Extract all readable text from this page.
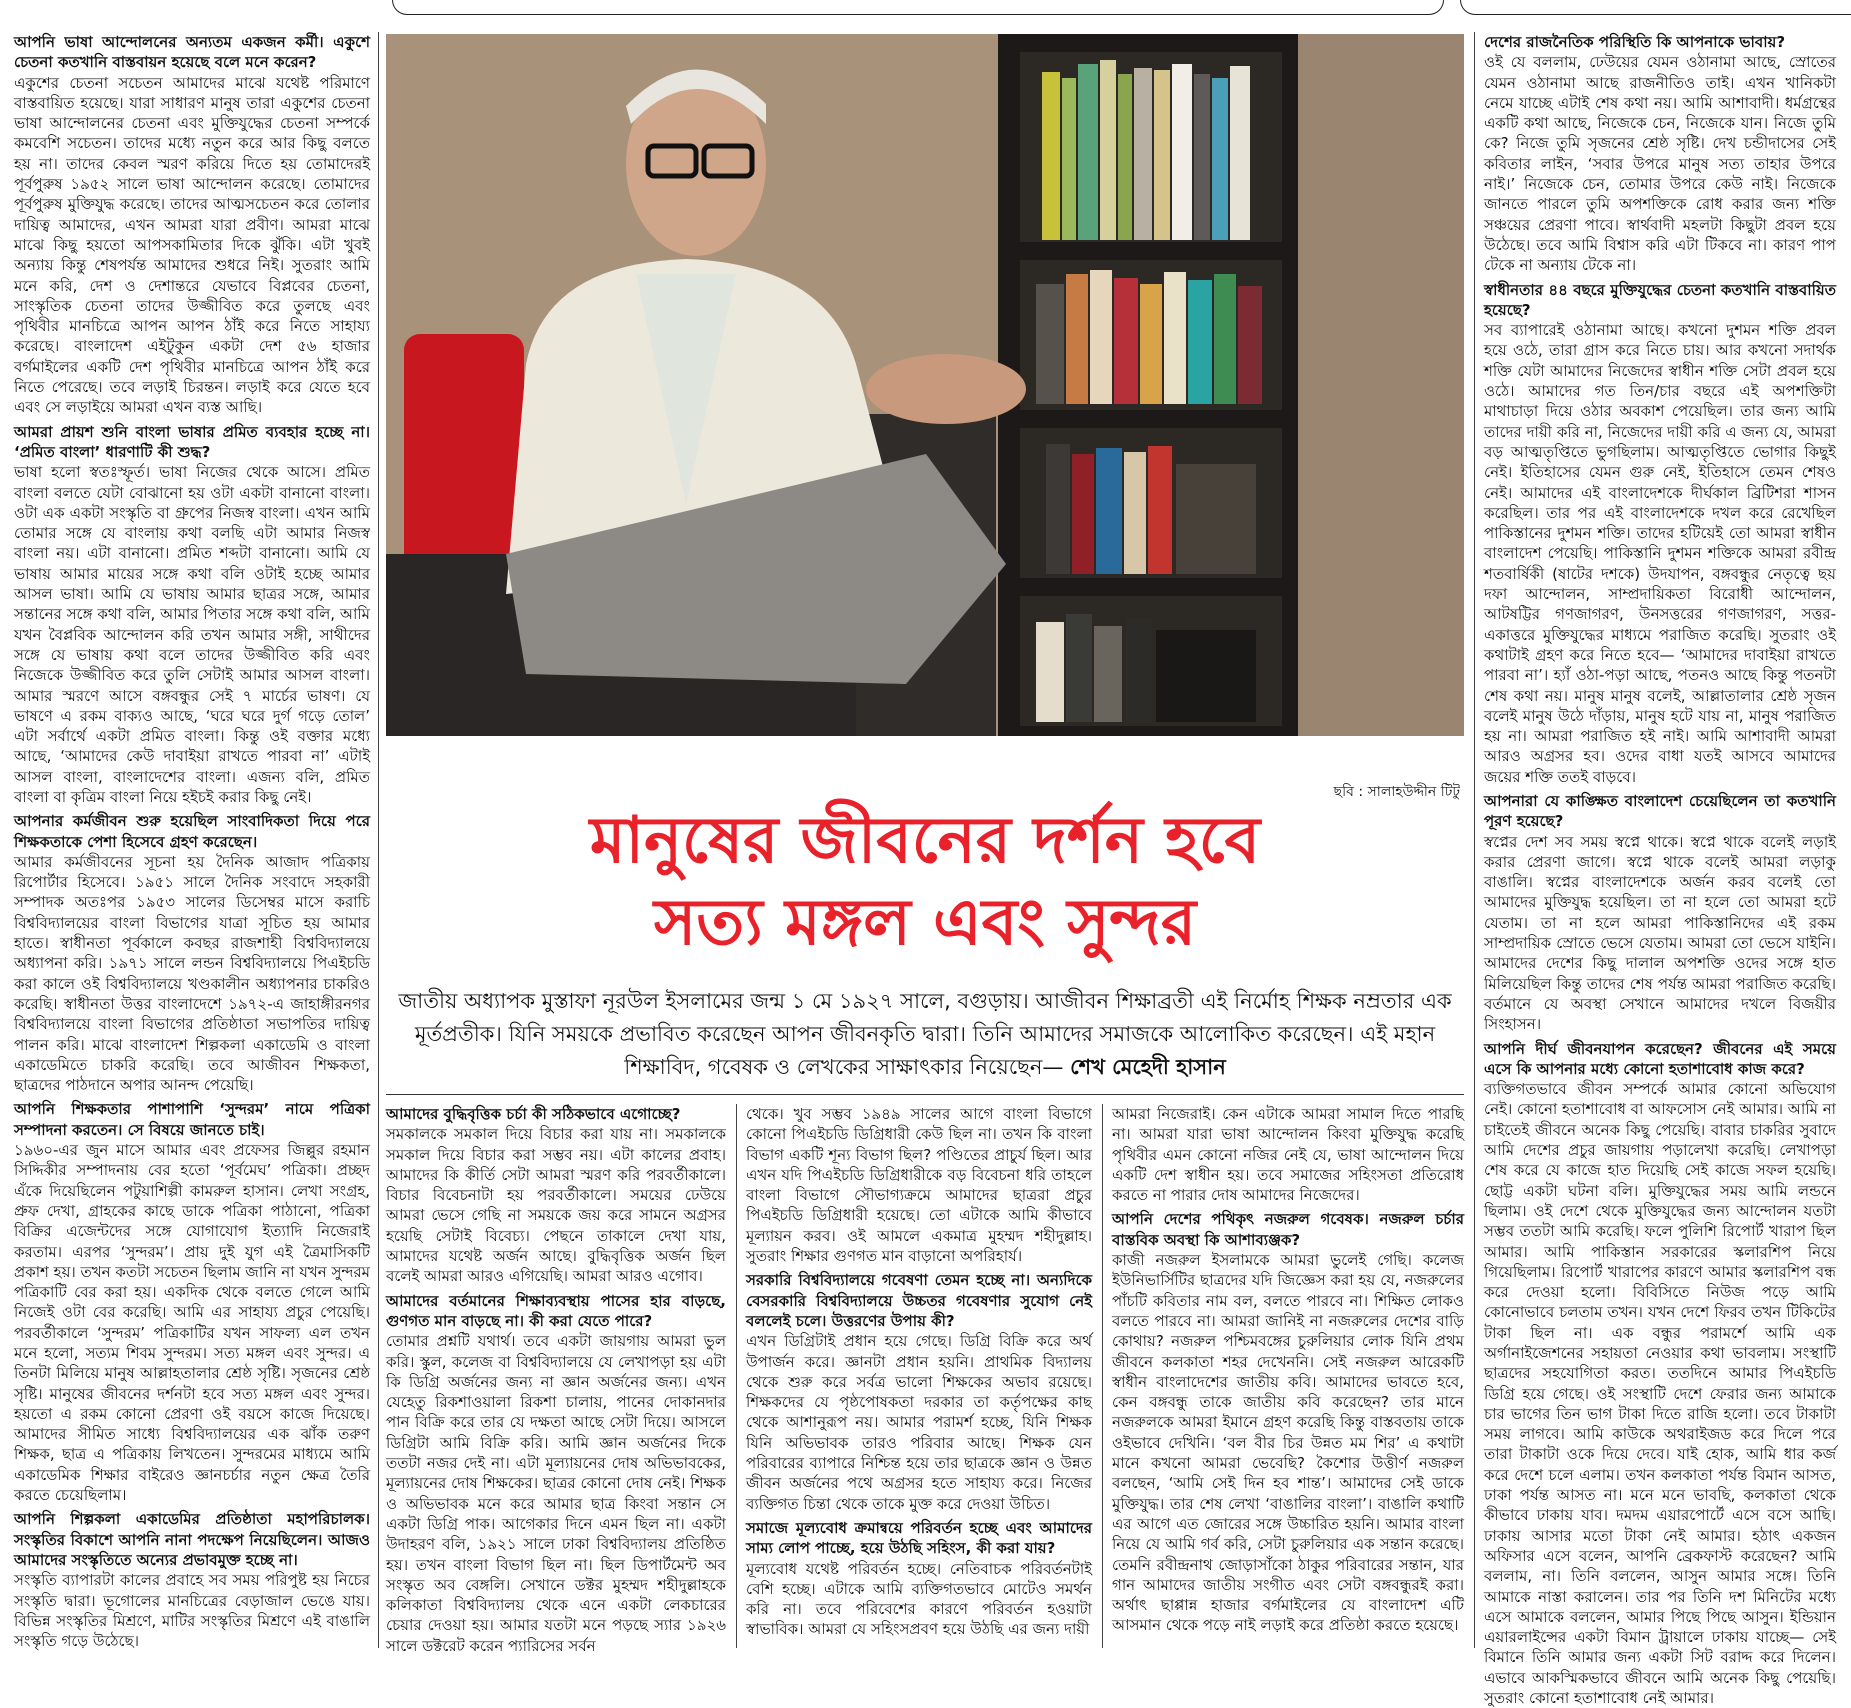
আপনি ভাষা আন্দোলনের অন্যতম একজন কর্মী। একুশে চেতনা কতখানি বাস্তবায়ন হয়েছে বলে মনে করেন?

একুশের চেতনা সচেতন আমাদের মাঝে যথেষ্ট পরিমাণে বাস্তবায়িত হয়েছে। যারা সাধারণ মানুষ তারা একুশের চেতনা ভাষা আন্দোলনের চেতনা এবং মুক্তিযুদ্ধের চেতনা সম্পর্কে কমবেশি সচেতন। তাদের মধ্যে নতুন করে আর কিছু বলতে হয় না। তাদের কেবল স্মরণ করিয়ে দিতে হয় তোমাদেরই পূর্বপুরুষ ১৯৫২ সালে ভাষা আন্দোলন করেছে। তোমাদের পূর্বপুরুষ মুক্তিযুদ্ধ করেছে। তাদের আত্মসচেতন করে তোলার দায়িত্ব আমাদের, এখন আমরা যারা প্রবীণ। আমরা মাঝে মাঝে কিছু হয়তো আপসকামিতার দিকে ঝুঁকি। এটা খুবই অন্যায় কিন্তু শেষপর্যন্ত আমাদের শুধরে নিই। সুতরাং আমি মনে করি, দেশ ও দেশান্তরে যেভাবে বিপ্লবের চেতনা, সাংস্কৃতিক চেতনা তাদের উজ্জীবিত করে তুলছে এবং পৃথিবীর মানচিত্রে আপন আপন ঠাঁই করে নিতে সাহায্য করেছে। বাংলাদেশ এইটুকুন একটা দেশ ৫৬ হাজার বর্গমাইলের একটি দেশ পৃথিবীর মানচিত্রে আপন ঠাঁই করে নিতে পেরেছে। তবে লড়াই চিরন্তন। লড়াই করে যেতে হবে এবং সে লড়াইয়ে আমরা এখন ব্যস্ত আছি।

আমরা প্রায়শ শুনি বাংলা ভাষার প্রমিত ব্যবহার হচ্ছে না। ‘প্রমিত বাংলা’ ধারণাটি কী শুদ্ধ?

ভাষা হলো স্বতঃস্ফূর্ত। ভাষা নিজের থেকে আসে। প্রমিত বাংলা বলতে যেটা বোঝানো হয় ওটা একটা বানানো বাংলা। ওটা এক একটা সংস্কৃতি বা গ্রুপের নিজস্ব বাংলা। এখন আমি তোমার সঙ্গে যে বাংলায় কথা বলছি এটা আমার নিজস্ব বাংলা নয়। এটা বানানো। প্রমিত শব্দটা বানানো। আমি যে ভাষায় আমার মায়ের সঙ্গে কথা বলি ওটাই হচ্ছে আমার আসল ভাষা। আমি যে ভাষায় আমার ছাত্রর সঙ্গে, আমার সন্তানের সঙ্গে কথা বলি, আমার পিতার সঙ্গে কথা বলি, আমি যখন বৈপ্লবিক আন্দোলন করি তখন আমার সঙ্গী, সাথীদের সঙ্গে যে ভাষায় কথা বলে তাদের উজ্জীবিত করি এবং নিজেকে উজ্জীবিত করে তুলি সেটাই আমার আসল বাংলা। আমার স্মরণে আসে বঙ্গবন্ধুর সেই ৭ মার্চের ভাষণ। যে ভাষণে এ রকম বাক্যও আছে, ‘ঘরে ঘরে দুর্গ গড়ে তোল’ এটা সর্বার্থে একটা প্রমিত বাংলা। কিন্তু ওই বক্তার মধ্যে আছে, ‘আমাদের কেউ দাবাইয়া রাখতে পারবা না’ এটাই আসল বাংলা, বাংলাদেশের বাংলা। এজন্য বলি, প্রমিত বাংলা বা কৃত্রিম বাংলা নিয়ে হইচই করার কিছু নেই।

আপনার কর্মজীবন শুরু হয়েছিল সাংবাদিকতা দিয়ে পরে শিক্ষকতাকে পেশা হিসেবে গ্রহণ করেছেন।

আমার কর্মজীবনের সূচনা হয় দৈনিক আজাদ পত্রিকায় রিপোর্টার হিসেবে। ১৯৫১ সালে দৈনিক সংবাদে সহকারী সম্পাদক অতঃপর ১৯৫৩ সালের ডিসেম্বর মাসে করাচি বিশ্ববিদ্যালয়ের বাংলা বিভাগের যাত্রা সূচিত হয় আমার হাতে। স্বাধীনতা পূর্বকালে কবছর রাজশাহী বিশ্ববিদ্যালয়ে অধ্যাপনা করি। ১৯৭১ সালে লন্ডন বিশ্ববিদ্যালয়ে পিএইচডি করা কালে ওই বিশ্ববিদ্যালয়ে খণ্ডকালীন অধ্যাপনার চাকরিও করেছি। স্বাধীনতা উত্তর বাংলাদেশে ১৯৭২-এ জাহাঙ্গীরনগর বিশ্ববিদ্যালয়ে বাংলা বিভাগের প্রতিষ্ঠাতা সভাপতির দায়িত্ব পালন করি। মাঝে বাংলাদেশ শিল্পকলা একাডেমি ও বাংলা একাডেমিতে চাকরি করেছি। তবে আজীবন শিক্ষকতা, ছাত্রদের পাঠদানে অপার আনন্দ পেয়েছি।

আপনি শিক্ষকতার পাশাপাশি ‘সুন্দরম’ নামে পত্রিকা সম্পাদনা করতেন। সে বিষয়ে জানতে চাই।

১৯৬০-এর জুন মাসে আমার এবং প্রফেসর জিল্লুর রহমান সিদ্দিকীর সম্পাদনায় বের হতো ‘পূর্বমেঘ’ পত্রিকা। প্রচ্ছদ এঁকে দিয়েছিলেন পটুয়াশিল্পী কামরুল হাসান। লেখা সংগ্রহ, প্রুফ দেখা, গ্রাহকের কাছে ডাকে পত্রিকা পাঠানো, পত্রিকা বিক্রির এজেন্টদের সঙ্গে যোগাযোগ ইত্যাদি নিজেরাই করতাম। এরপর ‘সুন্দরম’। প্রায় দুই যুগ এই ত্রৈমাসিকটি প্রকাশ হয়। তখন কতটা সচেতন ছিলাম জানি না যখন সুন্দরম পত্রিকাটি বের করা হয়। একদিক থেকে বলতে গেলে আমি নিজেই ওটা বের করেছি। আমি এর সাহায্য প্রচুর পেয়েছি। পরবর্তীকালে ‘সুন্দরম’ পত্রিকাটির যখন সাফল্য এল তখন মনে হলো, সত্যম শিবম সুন্দরম। সত্য মঙ্গল এবং সুন্দর। এ তিনটা মিলিয়ে মানুষ আল্লাহতালার শ্রেষ্ঠ সৃষ্টি। সৃজনের শ্রেষ্ঠ সৃষ্টি। মানুষের জীবনের দর্শনটা হবে সত্য মঙ্গল এবং সুন্দর। হয়তো এ রকম কোনো প্রেরণা ওই বয়সে কাজে দিয়েছে। আমাদের সীমিত সাধ্যে বিশ্ববিদ্যালয়ের এক ঝাঁক তরুণ শিক্ষক, ছাত্র এ পত্রিকায় লিখতেন। সুন্দরমের মাধ্যমে আমি একাডেমিক শিক্ষার বাইরেও জ্ঞানচর্চার নতুন ক্ষেত্র তৈরি করতে চেয়েছিলাম।

আপনি শিল্পকলা একাডেমির প্রতিষ্ঠাতা মহাপরিচালক। সংস্কৃতির বিকাশে আপনি নানা পদক্ষেপ নিয়েছিলেন। আজও আমাদের সংস্কৃতিতে অন্যের প্রভাবমুক্ত হচ্ছে না।

সংস্কৃতি ব্যাপারটা কালের প্রবাহে সব সময় পরিপুষ্ট হয় নিচের সংস্কৃতি দ্বারা। ভূগোলের মানচিত্রের বেড়াজাল ভেঙে যায়। বিভিন্ন সংস্কৃতির মিশ্রণে, মাটির সংস্কৃতির মিশ্রণে এই বাঙালি সংস্কৃতি গড়ে উঠেছে।

ছবি : সালাহউদ্দীন টিটু
মানুষের জীবনের দর্শন হবে
সত্য মঙ্গল এবং সুন্দর
জাতীয় অধ্যাপক মুস্তাফা নূরউল ইসলামের জন্ম ১ মে ১৯২৭ সালে, বগুড়ায়। আজীবন শিক্ষাব্রতী এই নির্মোহ শিক্ষক নম্রতার এক মূর্তপ্রতীক। যিনি সময়কে প্রভাবিত করেছেন আপন জীবনকৃতি দ্বারা। তিনি আমাদের সমাজকে আলোকিত করেছেন। এই মহান শিক্ষাবিদ, গবেষক ও লেখকের সাক্ষাৎকার নিয়েছেন— শেখ মেহেদী হাসান

আমাদের বুদ্ধিবৃত্তিক চর্চা কী সঠিকভাবে এগোচ্ছে?

সমকালকে সমকাল দিয়ে বিচার করা যায় না। সমকালকে সমকাল দিয়ে বিচার করা সম্ভব নয়। এটা কালের প্রবাহ। আমাদের কি কীর্তি সেটা আমরা স্মরণ করি পরবর্তীকালে। বিচার বিবেচনাটা হয় পরবর্তীকালে। সময়ের ঢেউয়ে আমরা ভেসে গেছি না সময়কে জয় করে সামনে অগ্রসর হয়েছি সেটাই বিবেচ্য। পেছনে তাকালে দেখা যায়, আমাদের যথেষ্ট অর্জন আছে। বুদ্ধিবৃত্তিক অর্জন ছিল বলেই আমরা আরও এগিয়েছি। আমরা আরও এগোব।

আমাদের বর্তমানের শিক্ষাব্যবস্থায় পাসের হার বাড়ছে, গুণগত মান বাড়ছে না। কী করা যেতে পারে?

তোমার প্রশ্নটি যথার্থ। তবে একটা জায়গায় আমরা ভুল করি। স্কুল, কলেজ বা বিশ্ববিদ্যালয়ে যে লেখাপড়া হয় এটা কি ডিগ্রি অর্জনের জন্য না জ্ঞান অর্জনের জন্য। এখন যেহেতু রিকশাওয়ালা রিকশা চালায়, পানের দোকানদার পান বিক্রি করে তার যে দক্ষতা আছে সেটা দিয়ে। আসলে ডিগ্রিটা আমি বিক্রি করি। আমি জ্ঞান অর্জনের দিকে ততটা নজর দেই না। এটা মূল্যায়নের দোষ অভিভাবকের, মূল্যায়নের দোষ শিক্ষকের। ছাত্রর কোনো দোষ নেই। শিক্ষক ও অভিভাবক মনে করে আমার ছাত্র কিংবা সন্তান সে একটা ডিগ্রি পাক। আগেকার দিনে এমন ছিল না। একটা উদাহরণ বলি, ১৯২১ সালে ঢাকা বিশ্ববিদ্যালয় প্রতিষ্ঠিত হয়। তখন বাংলা বিভাগ ছিল না। ছিল ডিপার্টমেন্ট অব সংস্কৃত অব বেঙ্গলি। সেখানে ডক্টর মুহম্মদ শহীদুল্লাহকে কলিকাতা বিশ্ববিদ্যালয় থেকে এনে একটা লেকচারের চেয়ার দেওয়া হয়। আমার যতটা মনে পড়ছে স্যার ১৯২৬ সালে ডক্টরেট করেন প্যারিসের সর্বন

থেকে। খুব সম্ভব ১৯৪৯ সালের আগে বাংলা বিভাগে কোনো পিএইচডি ডিগ্রিধারী কেউ ছিল না। তখন কি বাংলা বিভাগ একটি শূন্য বিভাগ ছিল? পণ্ডিতের প্রাচুর্য ছিল। আর এখন যদি পিএইচডি ডিগ্রিধারীকে বড় বিবেচনা ধরি তাহলে বাংলা বিভাগে সৌভাগ্যক্রমে আমাদের ছাত্ররা প্রচুর পিএইচডি ডিগ্রিধারী হয়েছে। তো এটাকে আমি কীভাবে মূল্যায়ন করব। ওই আমলে একমাত্র মুহম্মদ শহীদুল্লাহ। সুতরাং শিক্ষার গুণগত মান বাড়ানো অপরিহার্য।

সরকারি বিশ্ববিদ্যালয়ে গবেষণা তেমন হচ্ছে না। অন্যদিকে বেসরকারি বিশ্ববিদ্যালয়ে উচ্চতর গবেষণার সুযোগ নেই বললেই চলে। উত্তরণের উপায় কী?

এখন ডিগ্রিটাই প্রধান হয়ে গেছে। ডিগ্রি বিক্রি করে অর্থ উপার্জন করে। জ্ঞানটা প্রধান হয়নি। প্রাথমিক বিদ্যালয় থেকে শুরু করে সর্বত্র ভালো শিক্ষকের অভাব রয়েছে। শিক্ষকদের যে পৃষ্ঠপোষকতা দরকার তা কর্তৃপক্ষের কাছ থেকে আশানুরূপ নয়। আমার পরামর্শ হচ্ছে, যিনি শিক্ষক যিনি অভিভাবক তারও পরিবার আছে। শিক্ষক যেন পরিবারের ব্যাপারে নিশ্চিন্ত হয়ে তার ছাত্রকে জ্ঞান ও উন্নত জীবন অর্জনের পথে অগ্রসর হতে সাহায্য করে। নিজের ব্যক্তিগত চিন্তা থেকে তাকে মুক্ত করে দেওয়া উচিত।

সমাজে মূল্যবোধ ক্রমান্বয়ে পরিবর্তন হচ্ছে এবং আমাদের সাম্য লোপ পাচ্ছে, হয়ে উঠছি সহিংস, কী করা যায়?

মূল্যবোধ যথেষ্ট পরিবর্তন হচ্ছে। নেতিবাচক পরিবর্তনটাই বেশি হচ্ছে। এটাকে আমি ব্যক্তিগতভাবে মোটেও সমর্থন করি না। তবে পরিবেশের কারণে পরিবর্তন হওয়াটা স্বাভাবিক। আমরা যে সহিংসপ্রবণ হয়ে উঠছি এর জন্য দায়ী

আমরা নিজেরাই। কেন এটাকে আমরা সামাল দিতে পারছি না। আমরা যারা ভাষা আন্দোলন কিংবা মুক্তিযুদ্ধ করেছি পৃথিবীর এমন কোনো নজির নেই যে, ভাষা আন্দোলন দিয়ে একটি দেশ স্বাধীন হয়। তবে সমাজের সহিংসতা প্রতিরোধ করতে না পারার দোষ আমাদের নিজেদের।

আপনি দেশের পথিকৃৎ নজরুল গবেষক। নজরুল চর্চার বাস্তবিক অবস্থা কি আশাব্যঞ্জক?

কাজী নজরুল ইসলামকে আমরা ভুলেই গেছি। কলেজ ইউনিভার্সিটির ছাত্রদের যদি জিজ্ঞেস করা হয় যে, নজরুলের পাঁচটি কবিতার নাম বল, বলতে পারবে না। শিক্ষিত লোকও বলতে পারবে না। আমরা জানিই না নজরুলের দেশের বাড়ি কোথায়? নজরুল পশ্চিমবঙ্গের চুরুলিয়ার লোক যিনি প্রথম জীবনে কলকাতা শহর দেখেননি। সেই নজরুল আরেকটি স্বাধীন বাংলাদেশের জাতীয় কবি। আমাদের ভাবতে হবে, কেন বঙ্গবন্ধু তাকে জাতীয় কবি করেছেন? তার মানে নজরুলকে আমরা ইমানে গ্রহণ করেছি কিন্তু বাস্তবতায় তাকে ওইভাবে দেখিনি। ‘বল বীর চির উন্নত মম শির’ এ কথাটা মানে কখনো আমরা ভেবেছি? কৈশোর উত্তীর্ণ নজরুল বলছেন, ‘আমি সেই দিন হব শান্ত’। আমাদের সেই ডাকে মুক্তিযুদ্ধ। তার শেষ লেখা ‘বাঙালির বাংলা’। বাঙালি কথাটি এর আগে এত জোরের সঙ্গে উচ্চারিত হয়নি। আমার বাংলা নিয়ে যে আমি গর্ব করি, সেটা চুরুলিয়ার এক সন্তান করেছে। তেমনি রবীন্দ্রনাথ জোড়াসাঁকো ঠাকুর পরিবারের সন্তান, যার গান আমাদের জাতীয় সংগীত এবং সেটা বঙ্গবন্ধুরই করা। অর্থাৎ ছাপ্পান্ন হাজার বর্গমাইলের যে বাংলাদেশ এটি আসমান থেকে পড়ে নাই লড়াই করে প্রতিষ্ঠা করতে হয়েছে।

দেশের রাজনৈতিক পরিস্থিতি কি আপনাকে ভাবায়?

ওই যে বললাম, ঢেউয়ের যেমন ওঠানামা আছে, স্রোতের যেমন ওঠানামা আছে রাজনীতিও তাই। এখন খানিকটা নেমে যাচ্ছে এটাই শেষ কথা নয়। আমি আশাবাদী। ধর্মগ্রন্থের একটি কথা আছে, নিজেকে চেন, নিজেকে যান। নিজে তুমি কে? নিজে তুমি সৃজনের শ্রেষ্ঠ সৃষ্টি। দেখ চন্ডীদাসের সেই কবিতার লাইন, ‘সবার উপরে মানুষ সত্য তাহার উপরে নাই।’ নিজেকে চেন, তোমার উপরে কেউ নাই। নিজেকে জানতে পারলে তুমি অপশক্তিকে রোধ করার জন্য শক্তি সঞ্চয়ের প্রেরণা পাবে। স্বার্থবাদী মহলটা কিছুটা প্রবল হয়ে উঠেছে। তবে আমি বিশ্বাস করি এটা টিকবে না। কারণ পাপ টেকে না অন্যায় টেকে না।

স্বাধীনতার ৪৪ বছরে মুক্তিযুদ্ধের চেতনা কতখানি বাস্তবায়িত হয়েছে?

সব ব্যাপারেই ওঠানামা আছে। কখনো দুশমন শক্তি প্রবল হয়ে ওঠে, তারা গ্রাস করে নিতে চায়। আর কখনো সদার্থক শক্তি যেটা আমাদের নিজেদের স্বাধীন শক্তি সেটা প্রবল হয়ে ওঠে। আমাদের গত তিন/চার বছরে এই অপশক্তিটা মাথাচাড়া দিয়ে ওঠার অবকাশ পেয়েছিল। তার জন্য আমি তাদের দায়ী করি না, নিজেদের দায়ী করি এ জন্য যে, আমরা বড় আত্মতৃপ্তিতে ভুগছিলাম। আত্মতৃপ্তিতে ভোগার কিছুই নেই। ইতিহাসের যেমন গুরু নেই, ইতিহাসে তেমন শেষও নেই। আমাদের এই বাংলাদেশকে দীর্ঘকাল ব্রিটিশরা শাসন করেছিল। তার পর এই বাংলাদেশকে দখল করে রেখেছিল পাকিস্তানের দুশমন শক্তি। তাদের হটিয়েই তো আমরা স্বাধীন বাংলাদেশ পেয়েছি। পাকিস্তানি দুশমন শক্তিকে আমরা রবীন্দ্র শতবার্ষিকী (ষাটের দশকে) উদযাপন, বঙ্গবন্ধুর নেতৃত্বে ছয় দফা আন্দোলন, সাম্প্রদায়িকতা বিরোধী আন্দোলন, আটষট্টির গণজাগরণ, উনসত্তরের গণজাগরণ, সত্তর-একাত্তরে মুক্তিযুদ্ধের মাধ্যমে পরাজিত করেছি। সুতরাং ওই কথাটাই গ্রহণ করে নিতে হবে— ‘আমাদের দাবাইয়া রাখতে পারবা না’। হ্যাঁ ওঠা-পড়া আছে, পতনও আছে কিন্তু পতনটা শেষ কথা নয়। মানুষ মানুষ বলেই, আল্লাতালার শ্রেষ্ঠ সৃজন বলেই মানুষ উঠে দাঁড়ায়, মানুষ হটে যায় না, মানুষ পরাজিত হয় না। আমরা পরাজিত হই নাই। আমি আশাবাদী আমরা আরও অগ্রসর হব। ওদের বাধা যতই আসবে আমাদের জয়ের শক্তি ততই বাড়বে।

আপনারা যে কাঙ্ক্ষিত বাংলাদেশ চেয়েছিলেন তা কতখানি পূরণ হয়েছে?

স্বপ্নের দেশ সব সময় স্বপ্নে থাকে। স্বপ্নে থাকে বলেই লড়াই করার প্রেরণা জাগে। স্বপ্নে থাকে বলেই আমরা লড়াকু বাঙালি। স্বপ্নের বাংলাদেশকে অর্জন করব বলেই তো আমাদের মুক্তিযুদ্ধ হয়েছিল। তা না হলে তো আমরা হটে যেতাম। তা না হলে আমরা পাকিস্তানিদের এই রকম সাম্প্রদায়িক স্রোতে ভেসে যেতাম। আমরা তো ভেসে যাইনি। আমাদের দেশের কিছু দালাল অপশক্তি ওদের সঙ্গে হাত মিলিয়েছিল কিন্তু তাদের শেষ পর্যন্ত আমরা পরাজিত করেছি। বর্তমানে যে অবস্থা সেখানে আমাদের দখলে বিজয়ীর সিংহাসন।

আপনি দীর্ঘ জীবনযাপন করেছেন? জীবনের এই সময়ে এসে কি আপনার মধ্যে কোনো হতাশাবোধ কাজ করে?

ব্যক্তিগতভাবে জীবন সম্পর্কে আমার কোনো অভিযোগ নেই। কোনো হতাশাবোধ বা আফসোস নেই আমার। আমি না চাইতেই জীবনে অনেক কিছু পেয়েছি। বাবার চাকরির সুবাদে আমি দেশের প্রচুর জায়গায় পড়ালেখা করেছি। লেখাপড়া শেষ করে যে কাজে হাত দিয়েছি সেই কাজে সফল হয়েছি। ছোট্ট একটা ঘটনা বলি। মুক্তিযুদ্ধের সময় আমি লন্ডনে ছিলাম। ওই দেশে থেকে মুক্তিযুদ্ধের জন্য আন্দোলন যতটা সম্ভব ততটা আমি করেছি। ফলে পুলিশি রিপোর্ট খারাপ ছিল আমার। আমি পাকিস্তান সরকারের স্কলারশিপ নিয়ে গিয়েছিলাম। রিপোর্ট খারাপের কারণে আমার স্কলারশিপ বন্ধ করে দেওয়া হলো। বিবিসিতে নিউজ পড়ে আমি কোনোভাবে চলতাম তখন। যখন দেশে ফিরব তখন টিকিটের টাকা ছিল না। এক বন্ধুর পরামর্শে আমি এক অর্গানাইজেশনের সহায়তা নেওয়ার কথা ভাবলাম। সংস্থাটি ছাত্রদের সহযোগিতা করত। ততদিনে আমার পিএইচডি ডিগ্রি হয়ে গেছে। ওই সংস্থাটি দেশে ফেরার জন্য আমাকে চার ভাগের তিন ভাগ টাকা দিতে রাজি হলো। তবে টাকাটা সময় লাগবে। আমি কাউকে অথরাইজড করে দিলে পরে তারা টাকাটা ওকে দিয়ে দেবে। যাই হোক, আমি ধার কর্জ করে দেশে চলে এলাম। তখন কলকাতা পর্যন্ত বিমান আসত, ঢাকা পর্যন্ত আসত না। মনে মনে ভাবছি, কলকাতা থেকে কীভাবে ঢাকায় যাব। দমদম এয়ারপোর্টে এসে বসে আছি। ঢাকায় আসার মতো টাকা নেই আমার। হঠাৎ একজন অফিসার এসে বলেন, আপনি ব্রেকফাস্ট করেছেন? আমি বললাম, না। তিনি বললেন, আসুন আমার সঙ্গে। তিনি আমাকে নাস্তা করালেন। তার পর তিনি দশ মিনিটের মধ্যে এসে আমাকে বললেন, আমার পিছে পিছে আসুন। ইন্ডিয়ান এয়ারলাইন্সের একটা বিমান ট্রায়ালে ঢাকায় যাচ্ছে— সেই বিমানে তিনি আমার জন্য একটা সিট বরাদ্দ করে দিলেন। এভাবে আকস্মিকভাবে জীবনে আমি অনেক কিছু পেয়েছি। সুতরাং কোনো হতাশাবোধ নেই আমার।
